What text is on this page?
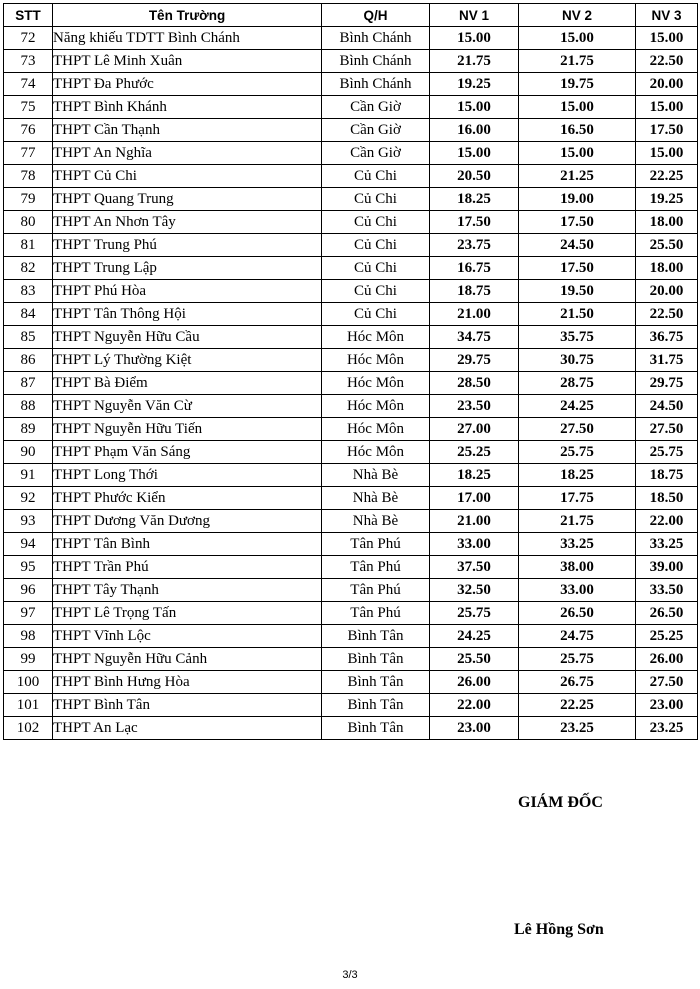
STT	Tên Trường	Q/H	NV 1	NV 2	NV 3
72	Năng khiếu TDTT Bình Chánh	Bình Chánh	15.00	15.00	15.00
73	THPT Lê Minh Xuân	Bình Chánh	21.75	21.75	22.50
74	THPT Đa Phước	Bình Chánh	19.25	19.75	20.00
75	THPT Bình Khánh	Cần Giờ	15.00	15.00	15.00
76	THPT Cần Thạnh	Cần Giờ	16.00	16.50	17.50
77	THPT An Nghĩa	Cần Giờ	15.00	15.00	15.00
78	THPT Củ Chi	Củ Chi	20.50	21.25	22.25
79	THPT Quang Trung	Củ Chi	18.25	19.00	19.25
80	THPT An Nhơn Tây	Củ Chi	17.50	17.50	18.00
81	THPT Trung Phú	Củ Chi	23.75	24.50	25.50
82	THPT Trung Lập	Củ Chi	16.75	17.50	18.00
83	THPT Phú Hòa	Củ Chi	18.75	19.50	20.00
84	THPT Tân Thông Hội	Củ Chi	21.00	21.50	22.50
85	THPT Nguyễn Hữu Cầu	Hóc Môn	34.75	35.75	36.75
86	THPT Lý Thường Kiệt	Hóc Môn	29.75	30.75	31.75
87	THPT Bà Điểm	Hóc Môn	28.50	28.75	29.75
88	THPT Nguyễn Văn Cừ	Hóc Môn	23.50	24.25	24.50
89	THPT Nguyễn Hữu Tiến	Hóc Môn	27.00	27.50	27.50
90	THPT Phạm Văn Sáng	Hóc Môn	25.25	25.75	25.75
91	THPT Long Thới	Nhà Bè	18.25	18.25	18.75
92	THPT Phước Kiển	Nhà Bè	17.00	17.75	18.50
93	THPT Dương Văn Dương	Nhà Bè	21.00	21.75	22.00
94	THPT Tân Bình	Tân Phú	33.00	33.25	33.25
95	THPT Trần Phú	Tân Phú	37.50	38.00	39.00
96	THPT Tây Thạnh	Tân Phú	32.50	33.00	33.50
97	THPT Lê Trọng Tấn	Tân Phú	25.75	26.50	26.50
98	THPT Vĩnh Lộc	Bình Tân	24.25	24.75	25.25
99	THPT Nguyễn Hữu Cảnh	Bình Tân	25.50	25.75	26.00
100	THPT Bình Hưng Hòa	Bình Tân	26.00	26.75	27.50
101	THPT Bình Tân	Bình Tân	22.00	22.25	23.00
102	THPT An Lạc	Bình Tân	23.00	23.25	23.25
GIÁM ĐỐC
Lê Hồng Sơn
3/3
